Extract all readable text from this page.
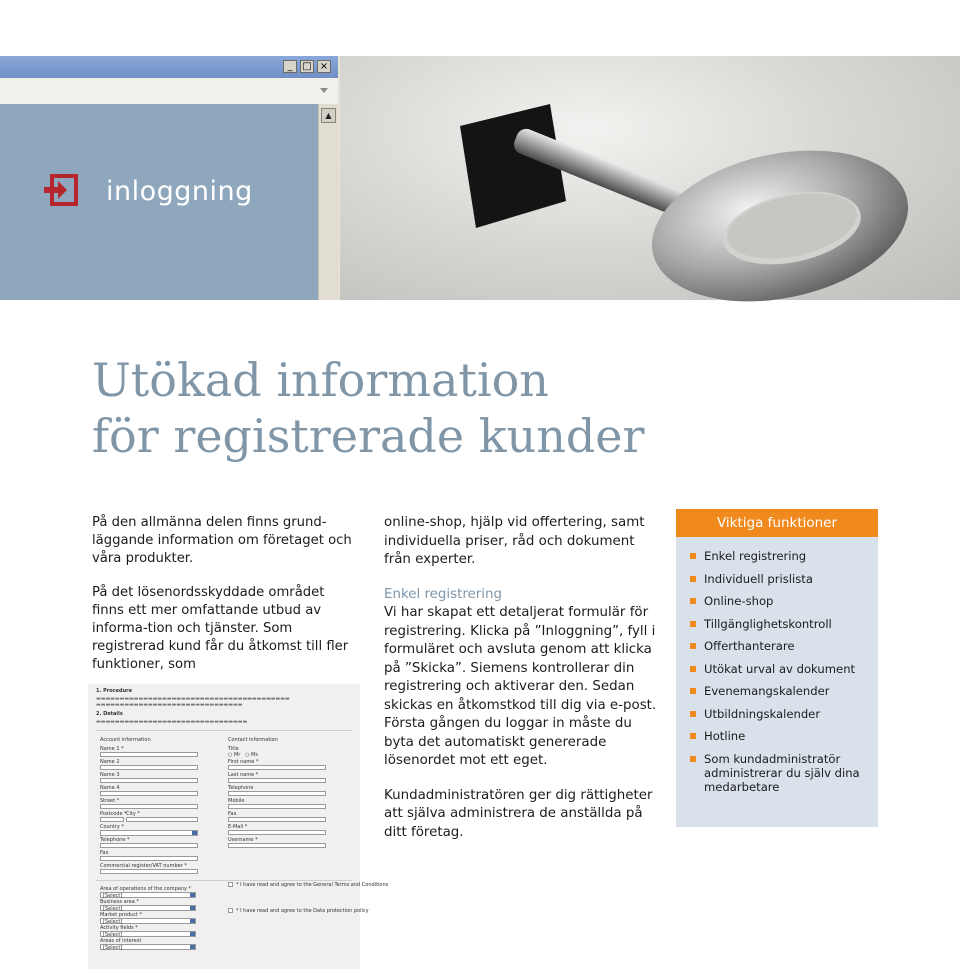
_ □ ×
inloggning
▲
Utökad information
för registrerade kunder

På den allmänna delen finns grund-läggande information om företaget och våra produkter.

På det lösenordsskyddade området finns ett mer omfattande utbud av informa-tion och tjänster. Som registrerad kund får du åtkomst till fler funktioner, som

online-shop, hjälp vid offertering, samt individuella priser, råd och dokument från experter.

Enkel registrering

Vi har skapat ett detaljerat formulär för registrering. Klicka på ”Inloggning”, fyll i formuläret och avsluta genom att klicka på ”Skicka”. Siemens kontrollerar din registrering och aktiverar den. Sedan skickas en åtkomstkod till dig via e-post. Första gången du loggar in måste du byta det automatiskt genererade lösenordet mot ett eget.

Kundadministratören ger dig rättigheter att själva administrera de anställda på ditt företag.

Viktiga funktioner
Enkel registrering
Individuell prislista
Online-shop
Tillgänglighetskontroll
Offerthanterare
Utökat urval av dokument
Evenemangskalender
Utbildningskalender
Hotline
Som kundadministratör administrerar du själv dina medarbetare
1. Procedure
▬▬▬▬▬▬▬▬▬▬▬▬▬▬▬▬▬▬▬▬▬▬▬▬▬▬▬▬▬▬▬▬▬▬▬▬▬▬▬▬▬
▬▬▬▬▬▬▬▬▬▬▬▬▬▬▬▬▬▬▬▬▬▬▬▬▬▬▬▬▬▬▬
2. Details
▬▬▬▬▬▬▬▬▬▬▬▬▬▬▬▬▬▬▬▬▬▬▬▬▬▬▬▬▬▬▬▬
Account information	Contact information
Name 1 *
Name 2
Name 3
Name 4
Street *
Postcode * City *
Country *
Telephone *
Fax
Commercial register/VAT number *
Title
○ Mr   ○ Ms
First name *
Last name *
Telephone
Mobile
Fax
E-Mail *
Username *
Area of operations of the company *
[Select]
Business area *
[Select]
Market product *
[Select]
Activity fields *
[Select]
Areas of interest
[Select]
* I have read and agree to the General Terms and Conditions
* I have read and agree to the Data protection policy
